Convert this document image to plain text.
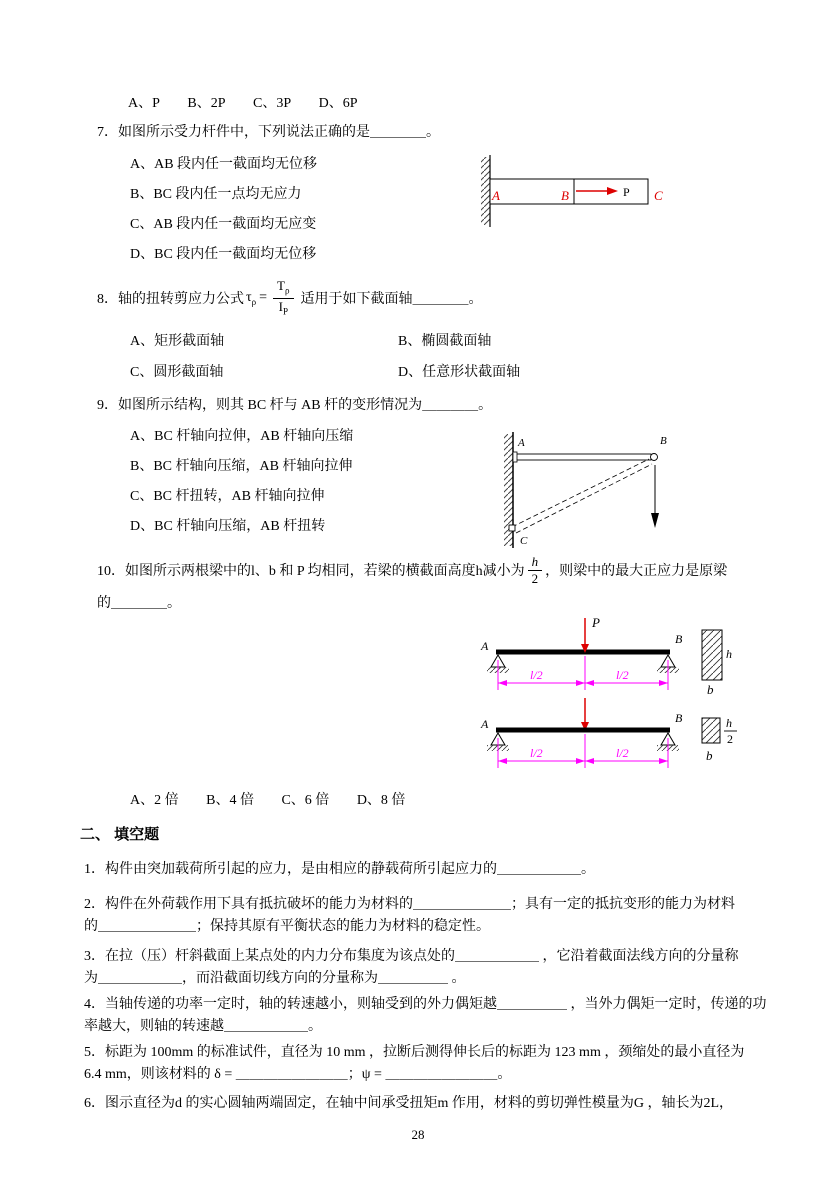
A、P B、2P C、3P D、6P
7．如图所示受力杆件中，下列说法正确的是＿＿＿＿。
A、AB 段内任一截面均无位移
B、BC 段内任一点均无应力
C、AB 段内任一截面均无应变
D、BC 段内任一截面均无位移
P
A	B	C
8．轴的扭转剪应力公式 $\tau_\rho = \frac{T_\rho}{I_P}$ 适用于如下截面轴＿＿＿＿。
A、矩形截面轴	B、椭圆截面轴
C、圆形截面轴	D、任意形状截面轴
9．如图所示结构，则其 BC 杆与 AB 杆的变形情况为＿＿＿＿。
A、BC 杆轴向拉伸，AB 杆轴向压缩
B、BC 杆轴向压缩，AB 杆轴向拉伸
C、BC 杆扭转，AB 杆轴向拉伸
D、BC 杆轴向压缩，AB 杆扭转
A	B
C
10．如图所示两根梁中的l、b 和 P 均相同，若梁的横截面高度h减小为 $\frac{h}{2}$ ，则梁中的最大正应力是原梁
的＿＿＿＿。
A	B
P
l/2	l/2
h
b
A	B
l/2	l/2
h
2
b
A、2 倍 B、4 倍 C、6 倍 D、8 倍
二、 填空题
1．构件由突加载荷所引起的应力，是由相应的静载荷所引起应力的＿＿＿＿＿＿。
2．构件在外荷载作用下具有抵抗破坏的能力为材料的＿＿＿＿＿＿＿；具有一定的抵抗变形的能力为材料
的＿＿＿＿＿＿＿；保持其原有平衡状态的能力为材料的稳定性。
3．在拉（压）杆斜截面上某点处的内力分布集度为该点处的＿＿＿＿＿＿ ，它沿着截面法线方向的分量称
为＿＿＿＿＿＿，而沿截面切线方向的分量称为＿＿＿＿＿ 。
4．当轴传递的功率一定时，轴的转速越小，则轴受到的外力偶矩越＿＿＿＿＿ ，当外力偶矩一定时，传递的功
率越大，则轴的转速越＿＿＿＿＿＿。
5．标距为 100mm 的标准试件，直径为 10 mm ，拉断后测得伸长后的标距为 123 mm ，颈缩处的最小直径为
6.4 mm，则该材料的 δ = ＿＿＿＿＿＿＿＿；ψ = ＿＿＿＿＿＿＿＿。
6．图示直径为d 的实心圆轴两端固定，在轴中间承受扭矩m 作用，材料的剪切弹性模量为G ，轴长为2L，
28
